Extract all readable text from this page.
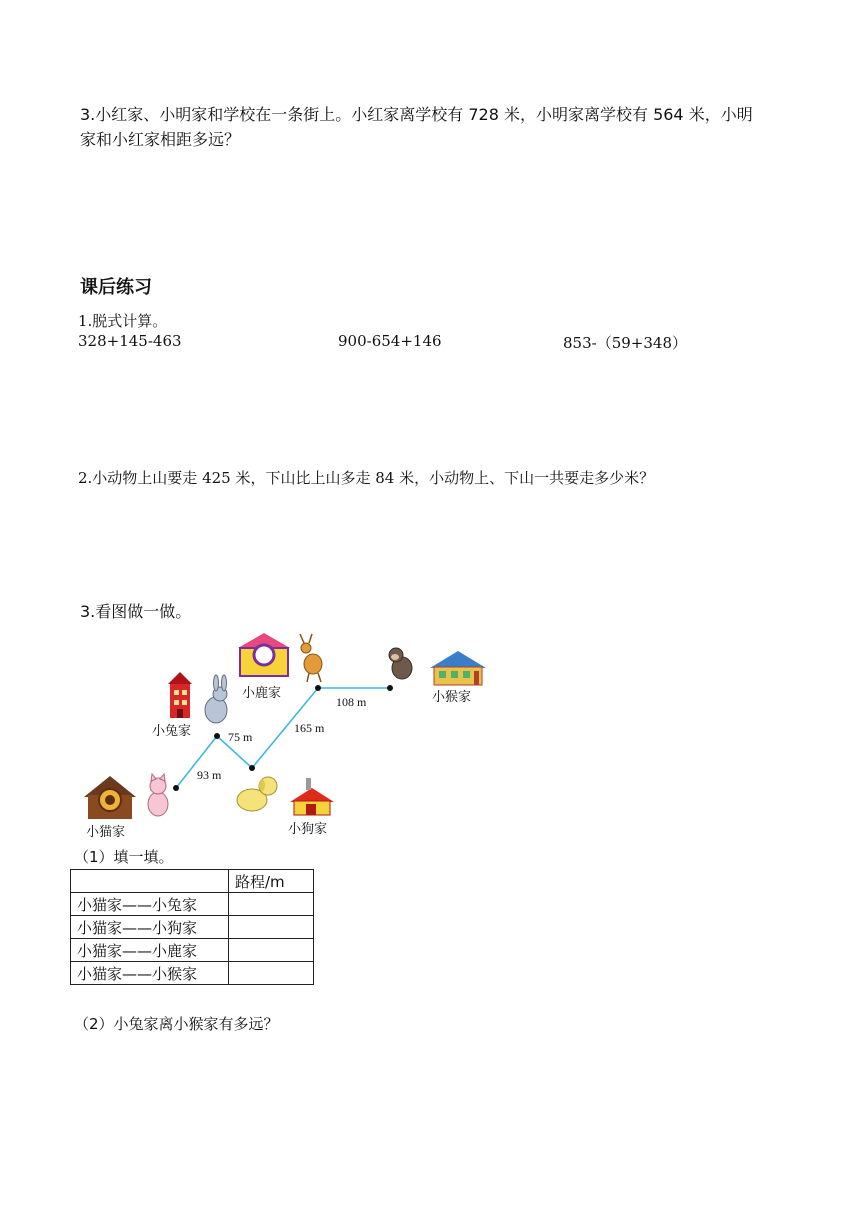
3.小红家、小明家和学校在一条街上。小红家离学校有 728 米，小明家离学校有 564 米，小明
家和小红家相距多远？
课后练习
1.脱式计算。
328+145-463	900-654+146	853-（59+348）
2.小动物上山要走 425 米，下山比上山多走 84 米，小动物上、下山一共要走多少米？
3.看图做一做。
小鹿家
小兔家
小猴家
小猫家	小狗家
93 m
75 m
165 m
108 m
（1）填一填。
	路程/m
小猫家——小兔家	
小猫家——小狗家	
小猫家——小鹿家	
小猫家——小猴家	
（2）小兔家离小猴家有多远？
